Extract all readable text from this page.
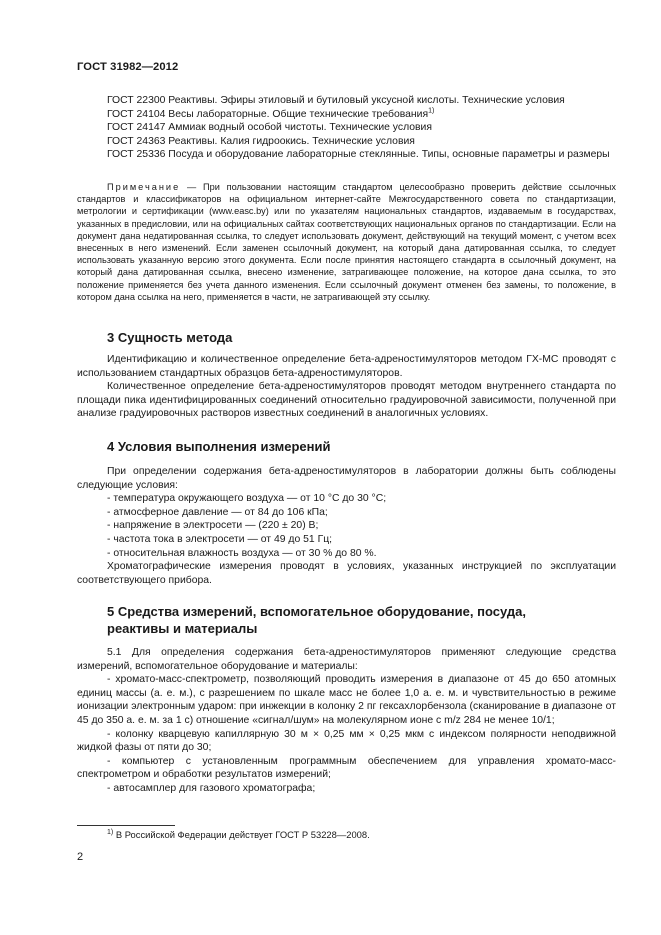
ГОСТ 31982—2012

ГОСТ 22300 Реактивы. Эфиры этиловый и бутиловый уксусной кислоты. Технические условия

ГОСТ 24104 Весы лабораторные. Общие технические требования$^{1)}$

ГОСТ 24147 Аммиак водный особой чистоты. Технические условия

ГОСТ 24363 Реактивы. Калия гидроокись. Технические условия

ГОСТ 25336 Посуда и оборудование лабораторные стеклянные. Типы, основные параметры и размеры

Примечание — При пользовании настоящим стандартом целесообразно проверить действие ссылочных стандартов и классификаторов на официальном интернет-сайте Межгосударственного совета по стандартизации, метрологии и сертификации (www.easc.by) или по указателям национальных стандартов, издаваемым в государствах, указанных в предисловии, или на официальных сайтах соответствующих национальных органов по стандартизации. Если на документ дана недатированная ссылка, то следует использовать документ, действующий на текущий момент, с учетом всех внесенных в него изменений. Если заменен ссылочный документ, на который дана датированная ссылка, то следует использовать указанную версию этого документа. Если после принятия настоящего стандарта в ссылочный документ, на который дана датированная ссылка, внесено изменение, затрагивающее положение, на которое дана ссылка, то это положение применяется без учета данного изменения. Если ссылочный документ отменен без замены, то положение, в котором дана ссылка на него, применяется в части, не затрагивающей эту ссылку.

3 Сущность метода

Идентификацию и количественное определение бета-адреностимуляторов методом ГХ-МС проводят с использованием стандартных образцов бета-адреностимуляторов.

Количественное определение бета-адреностимуляторов проводят методом внутреннего стандарта по площади пика идентифицированных соединений относительно градуировочной зависимости, полученной при анализе градуировочных растворов известных соединений в аналогичных условиях.

4 Условия выполнения измерений

При определении содержания бета-адреностимуляторов в лаборатории должны быть соблюдены следующие условия:

- температура окружающего воздуха — от 10 °С до 30 °С;
- атмосферное давление — от 84 до 106 кПа;
- напряжение в электросети — (220 ± 20) В;
- частота тока в электросети — от 49 до 51 Гц;
- относительная влажность воздуха — от 30 % до 80 %.

Хроматографические измерения проводят в условиях, указанных инструкцией по эксплуатации соответствующего прибора.

5 Средства измерений, вспомогательное оборудование, посуда,
реактивы и материалы

5.1 Для определения содержания бета-адреностимуляторов применяют следующие средства измерений, вспомогательное оборудование и материалы:

- хромато-масс-спектрометр, позволяющий проводить измерения в диапазоне от 45 до 650 атомных единиц массы (а. е. м.), с разрешением по шкале масс не более 1,0 а. е. м. и чувствительностью в режиме ионизации электронным ударом: при инжекции в колонку 2 пг гексахлорбензола (сканирование в диапазоне от 45 до 350 а. е. м. за 1 с) отношение «сигнал/шум» на молекулярном ионе с m/z 284 не менее 10/1;
- колонку кварцевую капиллярную 30 м × 0,25 мм × 0,25 мкм с индексом полярности неподвижной жидкой фазы от пяти до 30;
- компьютер с установленным программным обеспечением для управления хромато-масс-спектрометром и обработки результатов измерений;
- автосамплер для газового хроматографа;
$^{1)}$ В Российской Федерации действует ГОСТ Р 53228—2008.
2
